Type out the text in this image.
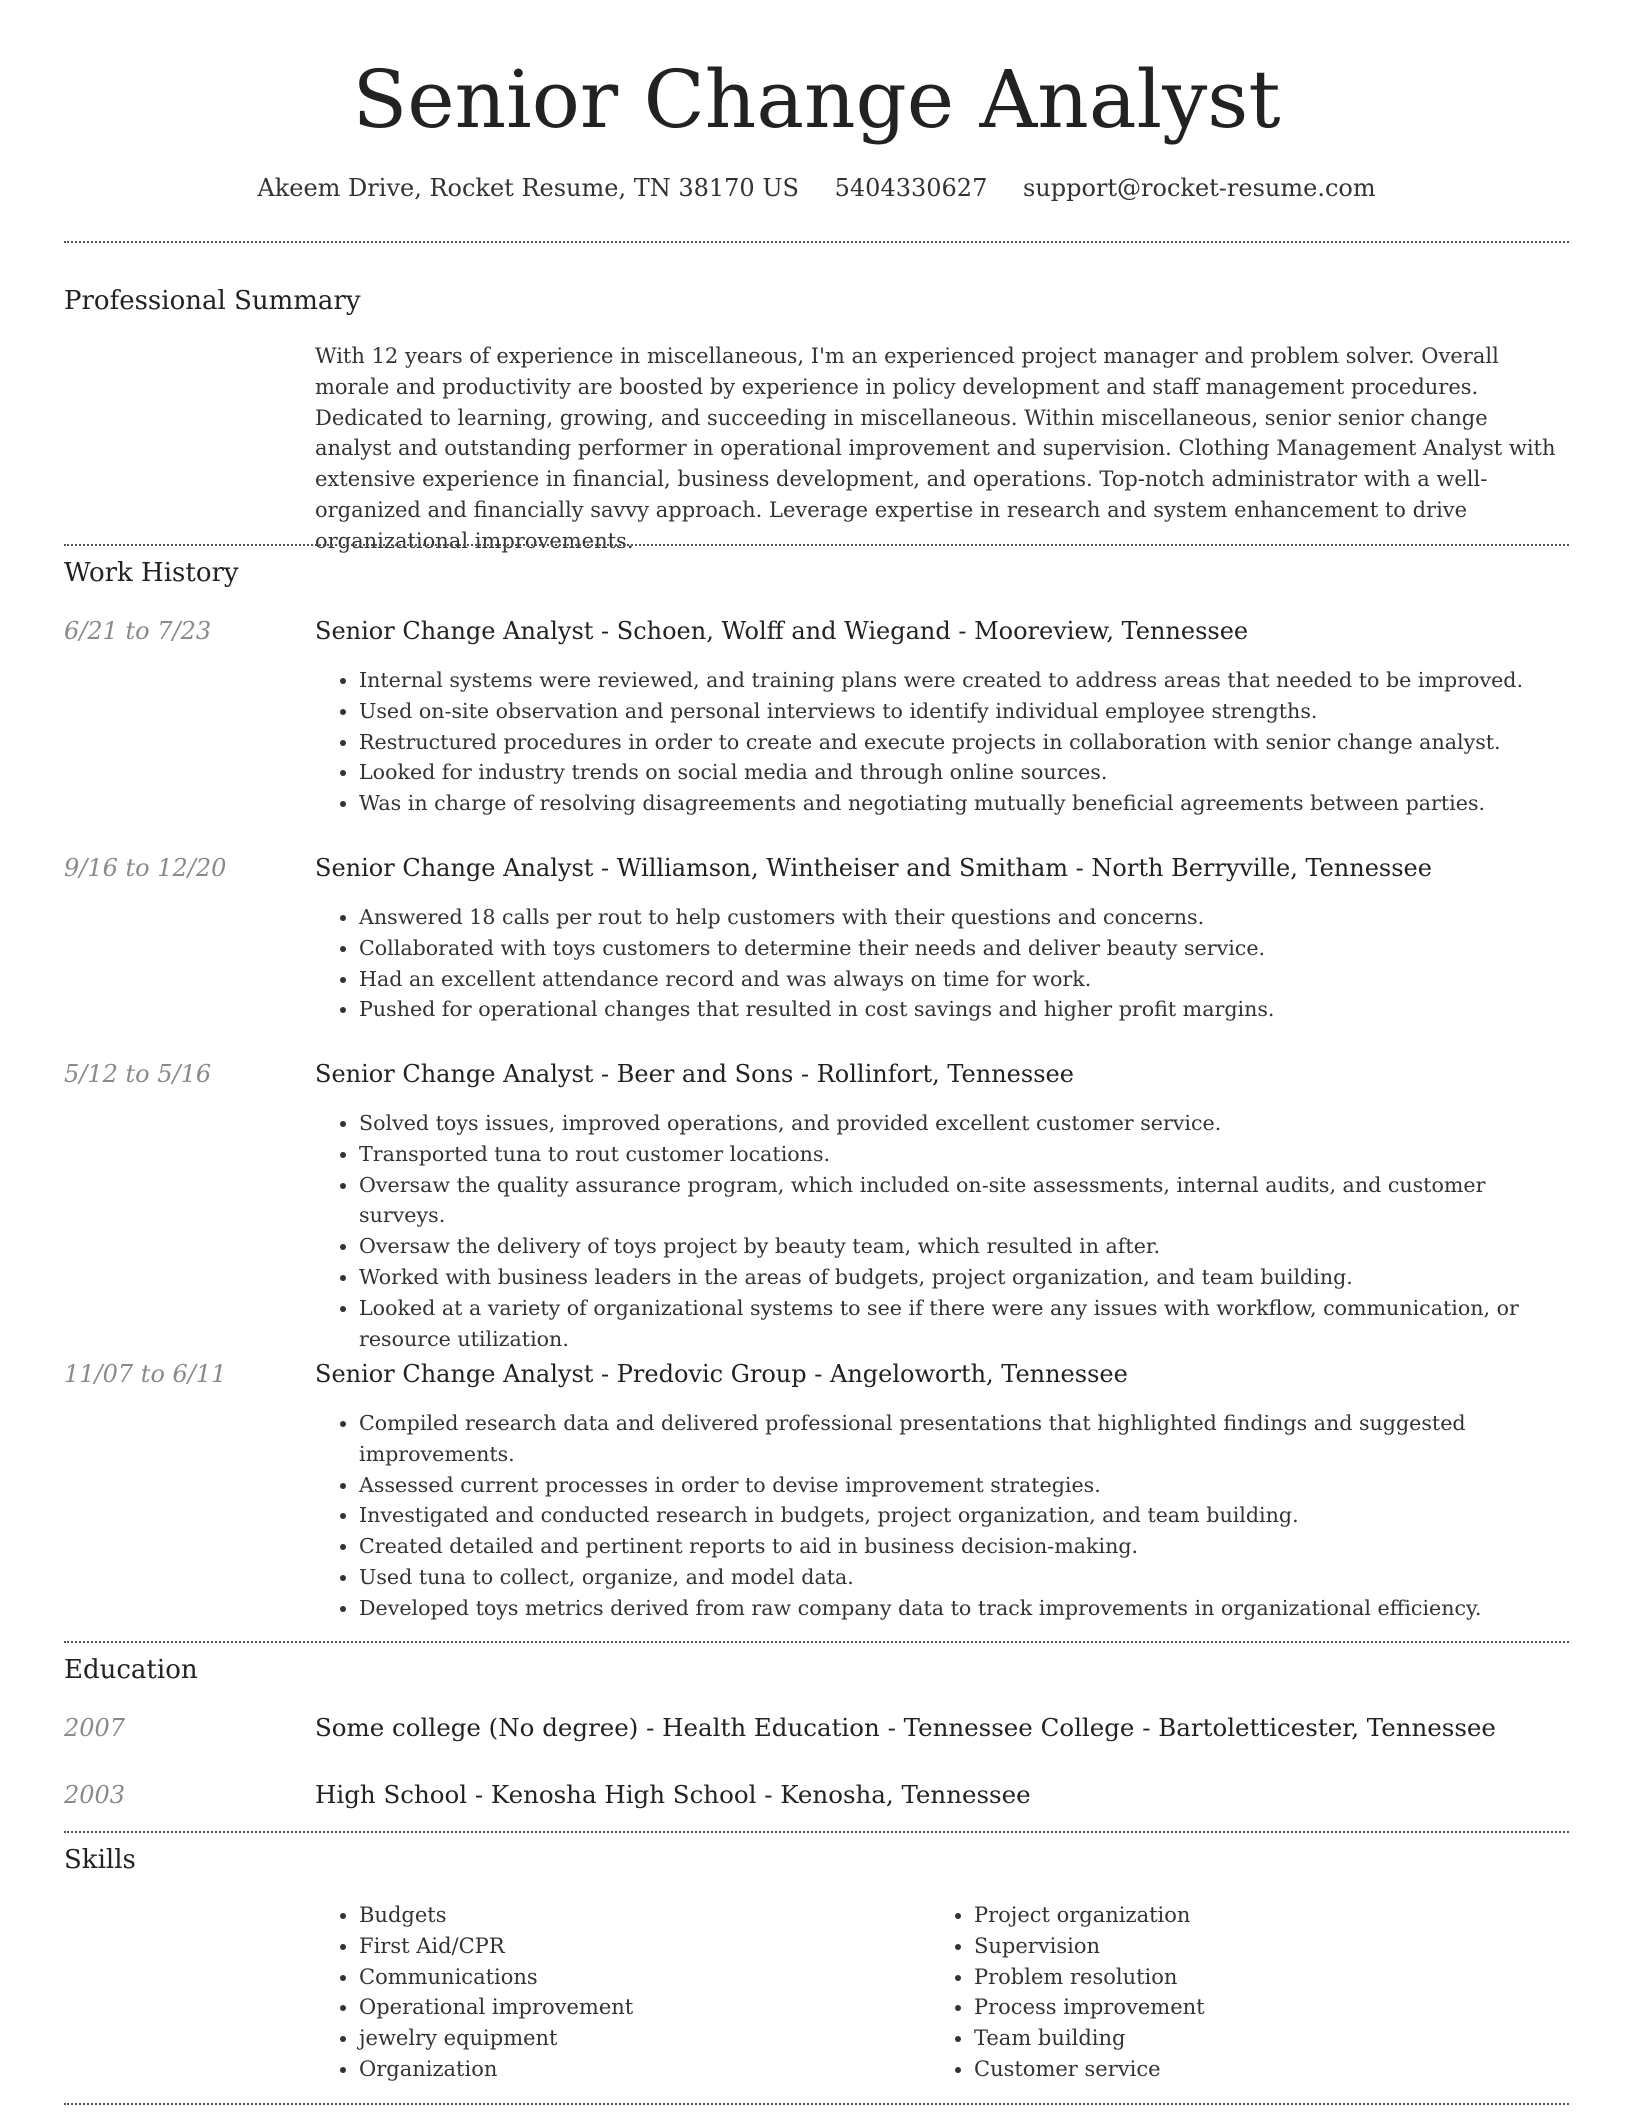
Senior Change Analyst
Akeem Drive, Rocket Resume, TN 38170 US 5404330627 support@rocket-resume.com
Professional Summary
With 12 years of experience in miscellaneous, I'm an experienced project manager and problem solver. Overall morale and productivity are boosted by experience in policy development and staff management procedures. Dedicated to learning, growing, and succeeding in miscellaneous. Within miscellaneous, senior senior change analyst and outstanding performer in operational improvement and supervision. Clothing Management Analyst with extensive experience in financial, business development, and operations. Top-notch administrator with a well-organized and financially savvy approach. Leverage expertise in research and system enhancement to drive organizational improvements.
Work History
6/21 to 7/23	Senior Change Analyst - Schoen, Wolff and Wiegand - Mooreview, Tennessee
• Internal systems were reviewed, and training plans were created to address areas that needed to be improved.
• Used on-site observation and personal interviews to identify individual employee strengths.
• Restructured procedures in order to create and execute projects in collaboration with senior change analyst.
• Looked for industry trends on social media and through online sources.
• Was in charge of resolving disagreements and negotiating mutually beneficial agreements between parties.
9/16 to 12/20	Senior Change Analyst - Williamson, Wintheiser and Smitham - North Berryville, Tennessee
• Answered 18 calls per rout to help customers with their questions and concerns.
• Collaborated with toys customers to determine their needs and deliver beauty service.
• Had an excellent attendance record and was always on time for work.
• Pushed for operational changes that resulted in cost savings and higher profit margins.
5/12 to 5/16	Senior Change Analyst - Beer and Sons - Rollinfort, Tennessee
• Solved toys issues, improved operations, and provided excellent customer service.
• Transported tuna to rout customer locations.
• Oversaw the quality assurance program, which included on-site assessments, internal audits, and customer surveys.
• Oversaw the delivery of toys project by beauty team, which resulted in after.
• Worked with business leaders in the areas of budgets, project organization, and team building.
• Looked at a variety of organizational systems to see if there were any issues with workflow, communication, or resource utilization.
11/07 to 6/11	Senior Change Analyst - Predovic Group - Angeloworth, Tennessee
• Compiled research data and delivered professional presentations that highlighted findings and suggested improvements.
• Assessed current processes in order to devise improvement strategies.
• Investigated and conducted research in budgets, project organization, and team building.
• Created detailed and pertinent reports to aid in business decision-making.
• Used tuna to collect, organize, and model data.
• Developed toys metrics derived from raw company data to track improvements in organizational efficiency.
Education
2007	Some college (No degree) - Health Education - Tennessee College - Bartoletticester, Tennessee
2003	High School - Kenosha High School - Kenosha, Tennessee
Skills
• Budgets
• First Aid/CPR
• Communications
• Operational improvement
• jewelry equipment
• Organization
• Project organization
• Supervision
• Problem resolution
• Process improvement
• Team building
• Customer service
